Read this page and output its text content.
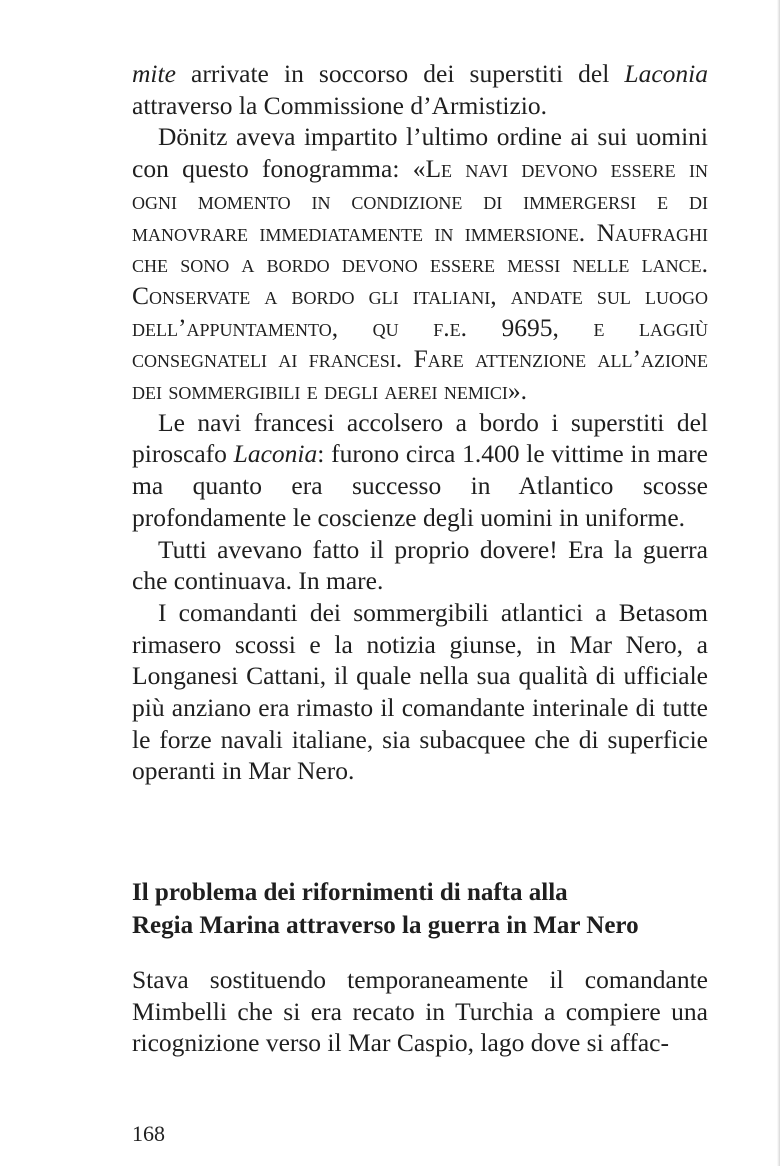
mite arrivate in soccorso dei superstiti del Laconia attraverso la Commissione d’Armistizio.

Dönitz aveva impartito l’ultimo ordine ai sui uomini con questo fonogramma: «Le navi devono essere in ogni momento in condizione di immergersi e di manovrare immediatamente in immersione. Naufraghi che sono a bordo devono essere messi nelle lance. Conservate a bordo gli italiani, andate sul luogo dell’appuntamento, qu f.e. 9695, e laggiù consegnateli ai francesi. Fare attenzione all’azione dei sommergibili e degli aerei nemici».

Le navi francesi accolsero a bordo i superstiti del piroscafo Laconia: furono circa 1.400 le vittime in mare ma quanto era successo in Atlantico scosse profondamente le coscienze degli uomini in uniforme.

Tutti avevano fatto il proprio dovere! Era la guerra che continuava. In mare.

I comandanti dei sommergibili atlantici a Betasom rimasero scossi e la notizia giunse, in Mar Nero, a Longanesi Cattani, il quale nella sua qualità di ufficiale più anziano era rimasto il comandante interinale di tutte le forze navali italiane, sia subacquee che di superficie operanti in Mar Nero.

Il problema dei rifornimenti di nafta alla
Regia Marina attraverso la guerra in Mar Nero

Stava sostituendo temporaneamente il comandante Mimbelli che si era recato in Turchia a compiere una ricognizione verso il Mar Caspio, lago dove si affac-

168
